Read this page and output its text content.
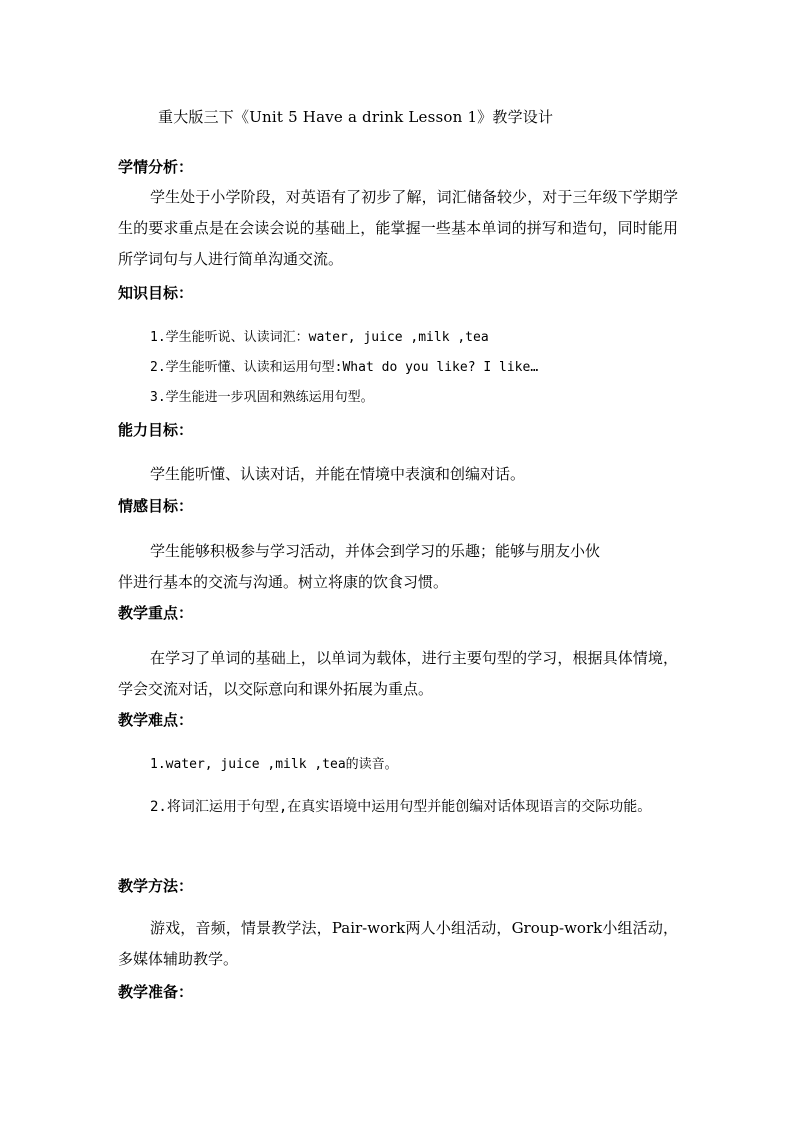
重大版三下《Unit 5 Have a drink Lesson 1》教学设计
学情分析：
学生处于小学阶段，对英语有了初步了解，词汇储备较少，对于三年级下学期学生的要求重点是在会读会说的基础上，能掌握一些基本单词的拼写和造句，同时能用所学词句与人进行简单沟通交流。
知识目标：
1.学生能听说、认读词汇：water, juice ,milk ,tea
2.学生能听懂、认读和运用句型:What do you like? I like…
3.学生能进一步巩固和熟练运用句型。
能力目标：
学生能听懂、认读对话，并能在情境中表演和创编对话。
情感目标：
学生能够积极参与学习活动，并体会到学习的乐趣；能够与朋友小伙
伴进行基本的交流与沟通。树立将康的饮食习惯。
教学重点：
在学习了单词的基础上，以单词为载体，进行主要句型的学习，根据具体情境，学会交流对话，以交际意向和课外拓展为重点。
教学难点：
1.water, juice ,milk ,tea的读音。
2.将词汇运用于句型,在真实语境中运用句型并能创编对话体现语言的交际功能。
教学方法：
游戏，音频，情景教学法，Pair-work两人小组活动，Group-work小组活动，多媒体辅助教学。
教学准备：
